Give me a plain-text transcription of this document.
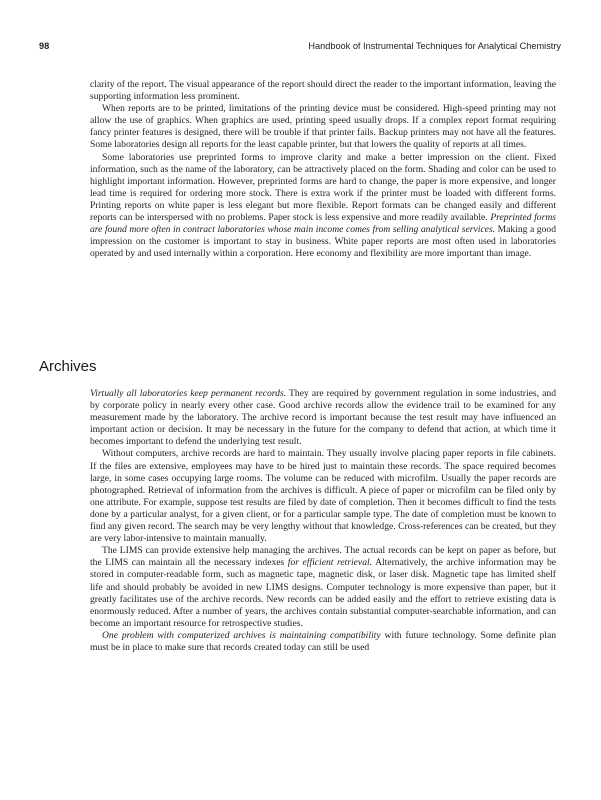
98	Handbook of Instrumental Techniques for Analytical Chemistry

clarity of the report. The visual appearance of the report should direct the reader to the important information, leaving the supporting information less prominent.

When reports are to be printed, limitations of the printing device must be considered. High-speed printing may not allow the use of graphics. When graphics are used, printing speed usually drops. If a complex report format requiring fancy printer features is designed, there will be trouble if that printer fails. Backup printers may not have all the features. Some laboratories design all reports for the least capable printer, but that lowers the quality of reports at all times.

Some laboratories use preprinted forms to improve clarity and make a better impression on the client. Fixed information, such as the name of the laboratory, can be attractively placed on the form. Shading and color can be used to highlight important information. However, preprinted forms are hard to change, the paper is more expensive, and longer lead time is required for ordering more stock. There is extra work if the printer must be loaded with different forms. Printing reports on white paper is less elegant but more flexible. Report formats can be changed easily and different reports can be interspersed with no problems. Paper stock is less expensive and more readily available. Preprinted forms are found more often in contract laboratories whose main income comes from selling analytical services. Making a good impression on the customer is important to stay in business. White paper reports are most often used in laboratories operated by and used internally within a corporation. Here economy and flexibility are more important than image.

Archives

Virtually all laboratories keep permanent records. They are required by government regulation in some industries, and by corporate policy in nearly every other case. Good archive records allow the evidence trail to be examined for any measurement made by the laboratory. The archive record is important because the test result may have influenced an important action or decision. It may be necessary in the future for the company to defend that action, at which time it becomes important to defend the underlying test result.

Without computers, archive records are hard to maintain. They usually involve placing paper reports in file cabinets. If the files are extensive, employees may have to be hired just to maintain these records. The space required becomes large, in some cases occupying large rooms. The volume can be reduced with microfilm. Usually the paper records are photographed. Retrieval of information from the archives is difficult. A piece of paper or microfilm can be filed only by one attribute. For example, suppose test results are filed by date of completion. Then it becomes difficult to find the tests done by a particular analyst, for a given client, or for a particular sample type. The date of completion must be known to find any given record. The search may be very lengthy without that knowledge. Cross-references can be created, but they are very labor-intensive to maintain manually.

The LIMS can provide extensive help managing the archives. The actual records can be kept on paper as before, but the LIMS can maintain all the necessary indexes for efficient retrieval. Alternatively, the archive information may be stored in computer-readable form, such as magnetic tape, magnetic disk, or laser disk. Magnetic tape has limited shelf life and should probably be avoided in new LIMS designs. Computer technology is more expensive than paper, but it greatly facilitates use of the archive records. New records can be added easily and the effort to retrieve existing data is enormously reduced. After a number of years, the archives contain substantial computer-searchable information, and can become an important resource for retrospective studies.

One problem with computerized archives is maintaining compatibility with future technology. Some definite plan must be in place to make sure that records created today can still be used
